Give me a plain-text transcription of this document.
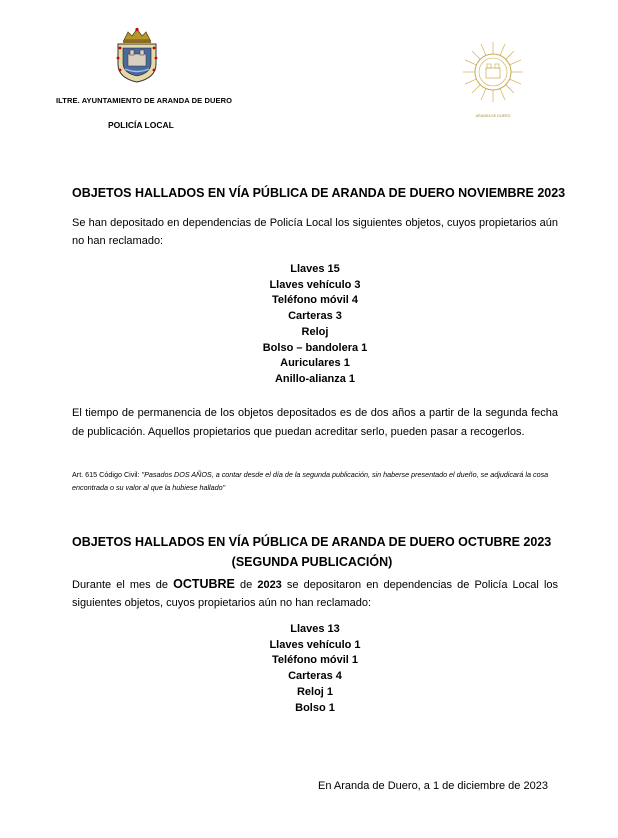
ARANDA DE DUERO
ILTRE. AYUNTAMIENTO DE ARANDA DE DUERO
POLICÍA LOCAL
OBJETOS HALLADOS EN VÍA PÚBLICA DE ARANDA DE DUERO NOVIEMBRE 2023
Se han depositado en dependencias de Policía Local los siguientes objetos, cuyos propietarios aún no han reclamado:
Llaves 15
Llaves vehículo 3
Teléfono móvil 4
Carteras 3
Reloj
Bolso – bandolera 1
Auriculares 1
Anillo-alianza 1
El tiempo de permanencia de los objetos depositados es de dos años a partir de la segunda fecha de publicación. Aquellos propietarios que puedan acreditar serlo, pueden pasar a recogerlos.
Art. 615 Código Civil: "Pasados DOS AÑOS, a contar desde el día de la segunda publicación, sin haberse presentado el dueño, se adjudicará la cosa encontrada o su valor al que la hubiese hallado"
OBJETOS HALLADOS EN VÍA PÚBLICA DE ARANDA DE DUERO OCTUBRE 2023
(SEGUNDA PUBLICACIÓN)
Durante el mes de OCTUBRE de 2023 se depositaron en dependencias de Policía Local los siguientes objetos, cuyos propietarios aún no han reclamado:
Llaves 13
Llaves vehículo 1
Teléfono móvil 1
Carteras 4
Reloj 1
Bolso 1
En Aranda de Duero, a 1 de diciembre de 2023
